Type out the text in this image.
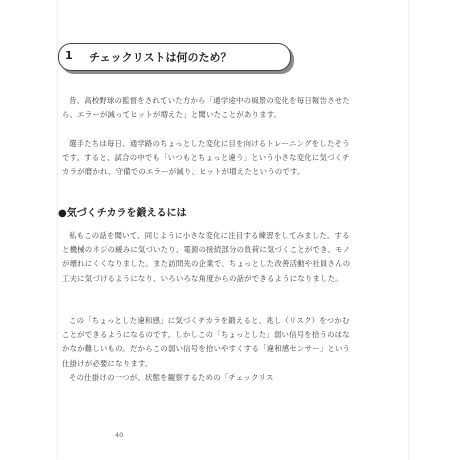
1 チェックリストは何のため？

昔、高校野球の監督をされていた方から「通学途中の風景の変化を毎日報告させたら、エラーが減ってヒットが増えた」と聞いたことがあります。

選手たちは毎日、通学路のちょっとした変化に目を向けるトレーニングをしたそうです。すると、試合の中でも「いつもとちょっと違う」という小さな変化に気づくチカラが磨かれ、守備でのエラーが減り、ヒットが増えたというのです。

●気づくチカラを鍛えるには

私もこの話を聞いて、同じように小さな変化に注目する練習をしてみました。すると機械のネジの緩みに気づいたり、電源の接続部分の負荷に気づくことができ、モノが壊れにくくなりました。また訪問先の企業で、ちょっとした改善活動や社員さんの工夫に気づけるようになり、いろいろな角度からの話ができるようになりました。

この「ちょっとした違和感」に気づくチカラを鍛えると、兆し（リスク）をつかむことができるようになるのです。しかしこの「ちょっとした」弱い信号を拾うのはなかなか難しいもの。だからこの弱い信号を拾いやすくする「違和感センサー」という仕掛けが必要になります。

その仕掛けの一つが、状態を観察するための「チェックリス

40
